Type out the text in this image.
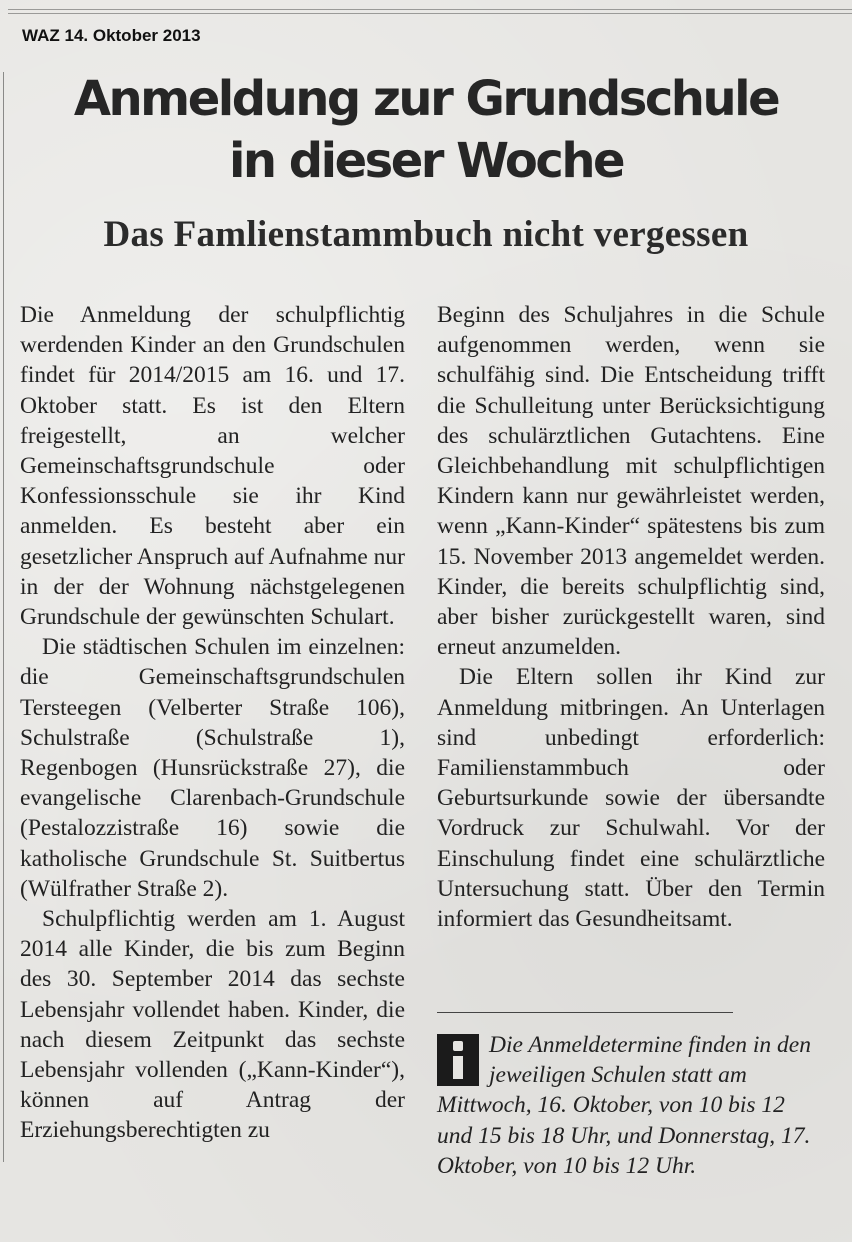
WAZ 14. Oktober 2013
Anmeldung zur Grundschule
in dieser Woche
Das Famlienstammbuch nicht vergessen

Die Anmeldung der schulpflichtig werdenden Kinder an den Grundschulen findet für 2014/2015 am 16. und 17. Oktober statt. Es ist den Eltern freigestellt, an welcher Gemeinschaftsgrundschule oder Konfessionsschule sie ihr Kind anmelden. Es besteht aber ein gesetzlicher Anspruch auf Aufnahme nur in der der Wohnung nächstgelegenen Grundschule der gewünschten Schulart.

Die städtischen Schulen im einzelnen: die Gemeinschaftsgrundschulen Tersteegen (Velberter Straße 106), Schulstraße (Schulstraße 1), Regenbogen (Hunsrückstraße 27), die evangelische Clarenbach-Grundschule (Pestalozzistraße 16) sowie die katholische Grundschule St. Suitbertus (Wülfrather Straße 2).

Schulpflichtig werden am 1. August 2014 alle Kinder, die bis zum Beginn des 30. September 2014 das sechste Lebensjahr vollendet haben. Kinder, die nach diesem Zeitpunkt das sechste Lebensjahr vollenden („Kann-Kinder“), können auf Antrag der Erziehungsberechtigten zu

Beginn des Schuljahres in die Schule aufgenommen werden, wenn sie schulfähig sind. Die Entscheidung trifft die Schulleitung unter Berücksichtigung des schulärztlichen Gutachtens. Eine Gleichbehandlung mit schulpflichtigen Kindern kann nur gewährleistet werden, wenn „Kann-Kinder“ spätestens bis zum 15. November 2013 angemeldet werden. Kinder, die bereits schulpflichtig sind, aber bisher zurückgestellt waren, sind erneut anzumelden.

Die Eltern sollen ihr Kind zur Anmeldung mitbringen. An Unterlagen sind unbedingt erforderlich: Familienstammbuch oder Geburtsurkunde sowie der übersandte Vordruck zur Schulwahl. Vor der Einschulung findet eine schulärztliche Untersuchung statt. Über den Termin informiert das Gesundheitsamt.

Die Anmeldetermine finden in den jeweiligen Schulen statt am Mittwoch, 16. Oktober, von 10 bis 12 und 15 bis 18 Uhr, und Donnerstag, 17. Oktober, von 10 bis 12 Uhr.
